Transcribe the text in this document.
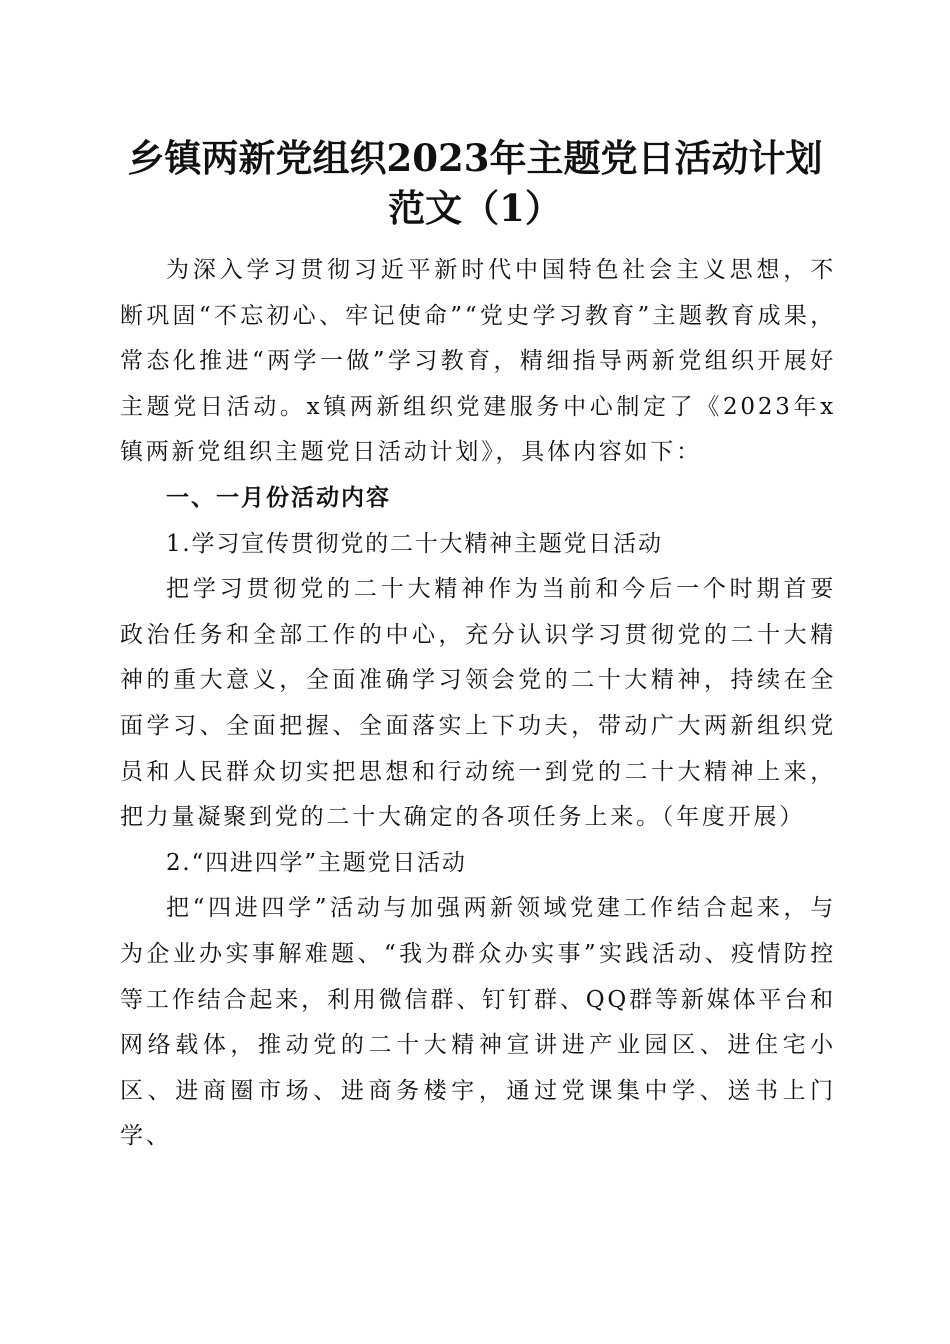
乡镇两新党组织2023年主题党日活动计划范文（1）

为深入学习贯彻习近平新时代中国特色社会主义思想，不断巩固“不忘初心、牢记使命”“党史学习教育”主题教育成果，常态化推进“两学一做”学习教育，精细指导两新党组织开展好主题党日活动。x镇两新组织党建服务中心制定了《2023年x镇两新党组织主题党日活动计划》，具体内容如下：

一、一月份活动内容

1.学习宣传贯彻党的二十大精神主题党日活动

把学习贯彻党的二十大精神作为当前和今后一个时期首要政治任务和全部工作的中心，充分认识学习贯彻党的二十大精神的重大意义，全面准确学习领会党的二十大精神，持续在全面学习、全面把握、全面落实上下功夫，带动广大两新组织党员和人民群众切实把思想和行动统一到党的二十大精神上来，把力量凝聚到党的二十大确定的各项任务上来。（年度开展）

2.“四进四学”主题党日活动

把“四进四学”活动与加强两新领域党建工作结合起来，与为企业办实事解难题、“我为群众办实事”实践活动、疫情防控等工作结合起来，利用微信群、钉钉群、QQ群等新媒体平台和网络载体，推动党的二十大精神宣讲进产业园区、进住宅小区、进商圈市场、进商务楼宇，通过党课集中学、送书上门学、
